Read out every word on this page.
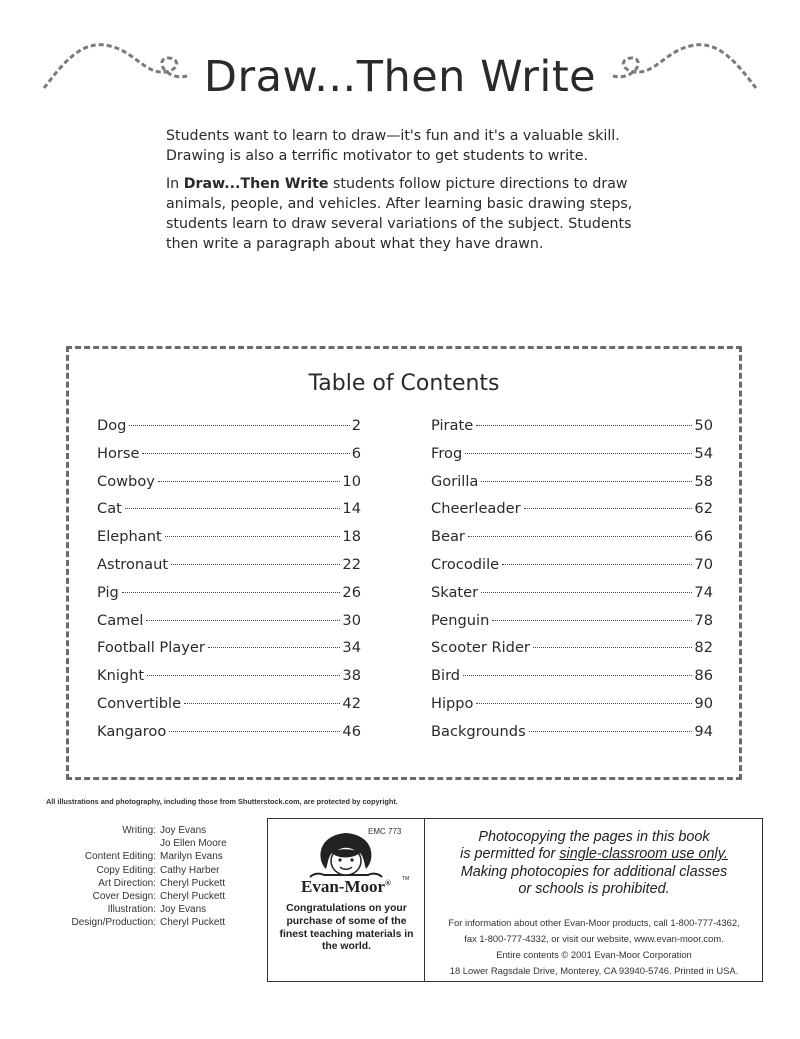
Draw...Then Write

Students want to learn to draw—it's fun and it's a valuable skill. Drawing is also a terrific motivator to get students to write.

In Draw...Then Write students follow picture directions to draw animals, people, and vehicles. After learning basic drawing steps, students learn to draw several variations of the subject. Students then write a paragraph about what they have drawn.

Table of Contents
Dog	2
Horse	6
Cowboy	10
Cat	14
Elephant	18
Astronaut	22
Pig	26
Camel	30
Football Player	34
Knight	38
Convertible	42
Kangaroo	46
Pirate	50
Frog	54
Gorilla	58
Cheerleader	62
Bear	66
Crocodile	70
Skater	74
Penguin	78
Scooter Rider	82
Bird	86
Hippo	90
Backgrounds	94
All illustrations and photography, including those from Shutterstock.com, are protected by copyright.
Writing: Joy Evans
Jo Ellen Moore
Content Editing: Marilyn Evans
Copy Editing: Cathy Harber
Art Direction: Cheryl Puckett
Cover Design: Cheryl Puckett
Illustration: Joy Evans
Design/Production: Cheryl Puckett
EMC 773
Evan-Moor®	TM
Congratulations on your purchase of some of the finest teaching materials in the world.
Photocopying the pages in this book
is permitted for single-classroom use only.
Making photocopies for additional classes
or schools is prohibited.
For information about other Evan-Moor products, call 1-800-777-4362,
fax 1-800-777-4332, or visit our website, www.evan-moor.com.
Entire contents © 2001 Evan-Moor Corporation
18 Lower Ragsdale Drive, Monterey, CA 93940-5746. Printed in USA.
